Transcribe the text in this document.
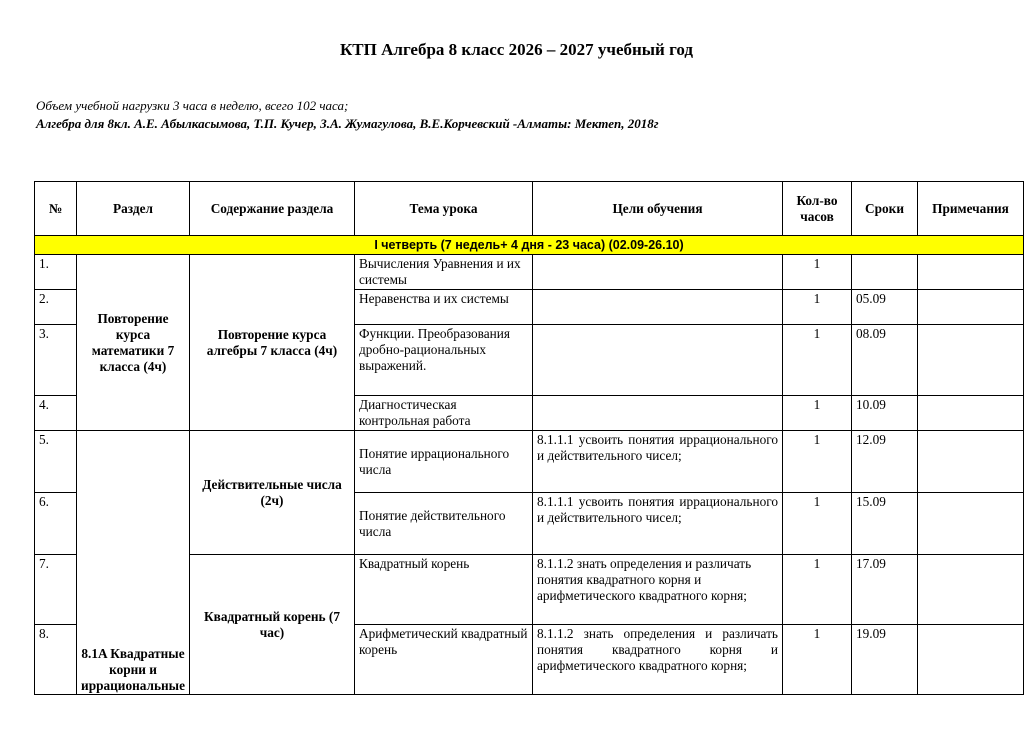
КТП Алгебра 8 класс 2026 – 2027 учебный год
Объем учебной нагрузки 3 часа в неделю, всего 102 часа;
Алгебра для 8кл. А.Е. Абылкасымова, Т.П. Кучер, З.А. Жумагулова, В.Е.Корчевский -Алматы: Мектеп, 2018г
№	Раздел	Содержание раздела	Тема урока	Цели обучения	Кол-во часов	Сроки	Примечания
I четверть (7 недель+ 4 дня - 23 часа) (02.09-26.10)							
1.	Повторение курса математики 7 класса (4ч)	Повторение курса алгебры 7 класса (4ч)	Вычисления Уравнения и их системы		1		
2.			Неравенства и их системы		1	05.09	
3.			Функции. Преобразования дробно-рациональных выражений.		1	08.09	
4.			Диагностическая контрольная работа		1	10.09	
5.	8.1A Квадратные корни и иррациональные	Действительные числа (2ч)	Понятие иррационального числа	8.1.1.1 усвоить понятия иррационального и действительного чисел;	1	12.09	
6.			Понятие действительного числа	8.1.1.1 усвоить понятия иррационального и действительного чисел;	1	15.09	
7.		Квадратный корень (7 час)	Квадратный корень	8.1.1.2 знать определения и различать понятия квадратного корня и арифметического квадратного корня;	1	17.09	
8.			Арифметический квадратный корень	8.1.1.2 знать определения и различать понятия квадратного корня и арифметического квадратного корня;	1	19.09	
